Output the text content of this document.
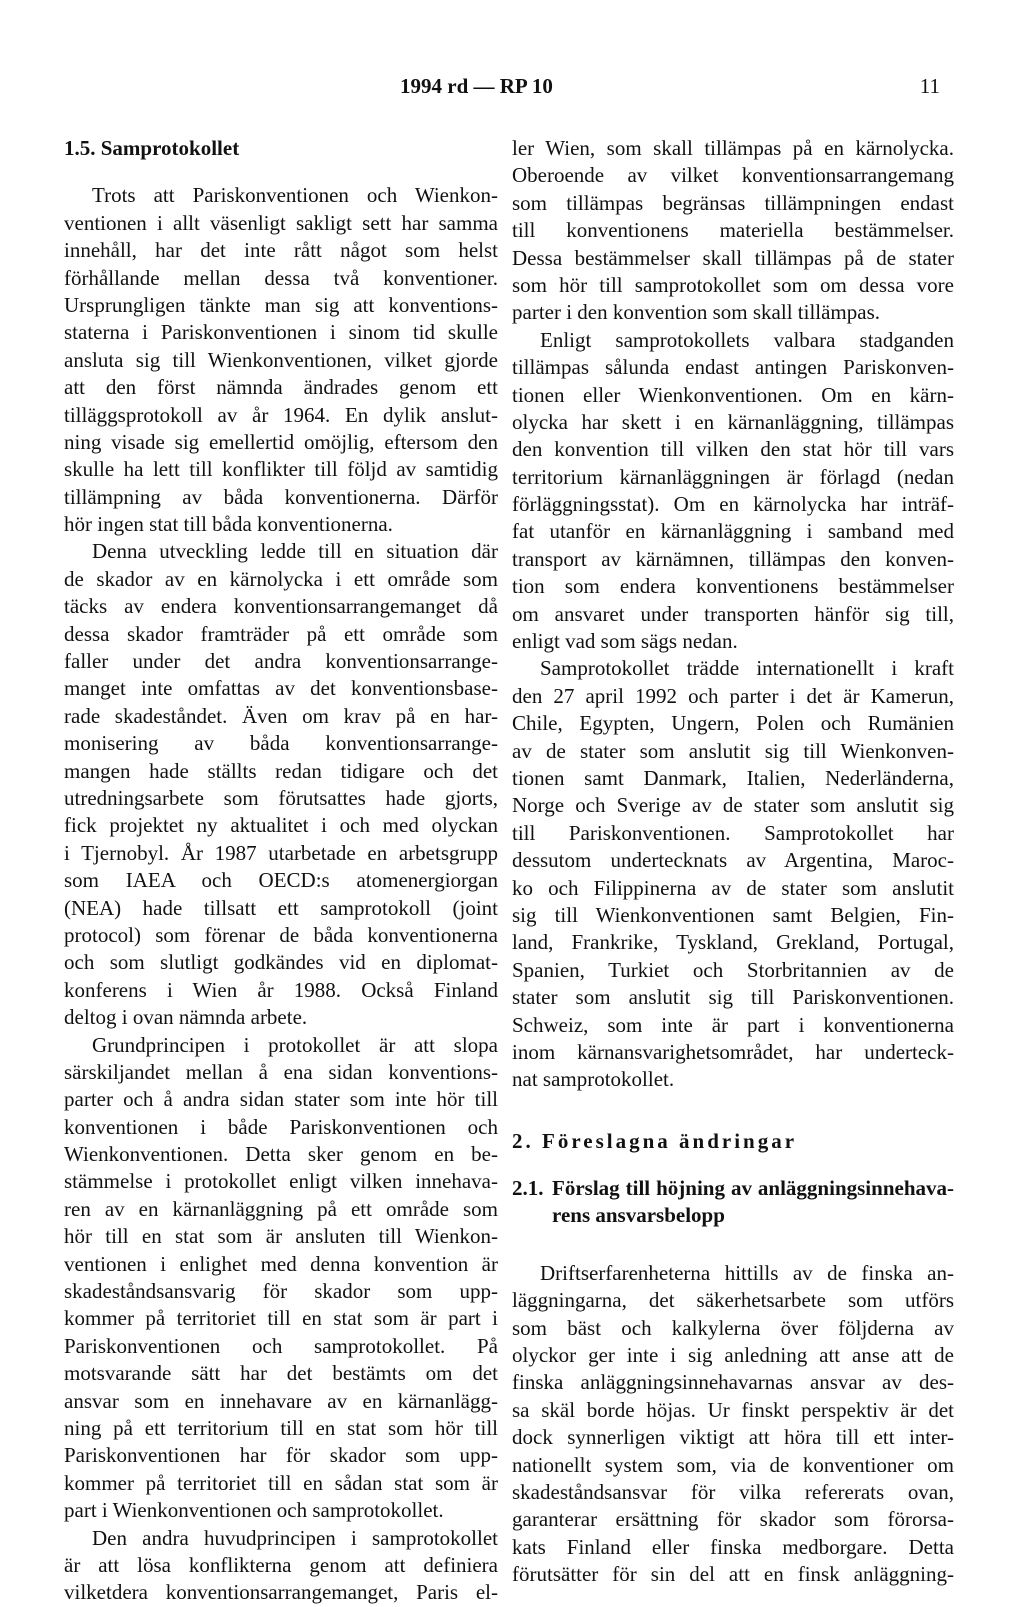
1994 rd — RP 10	11
1.5. Samprotokollet
Trots att Pariskonventionen och Wienkon-
ventionen i allt väsenligt sakligt sett har samma
innehåll, har det inte rått något som helst
förhållande mellan dessa två konventioner.
Ursprungligen tänkte man sig att konventions-
staterna i Pariskonventionen i sinom tid skulle
ansluta sig till Wienkonventionen, vilket gjorde
att den först nämnda ändrades genom ett
tilläggsprotokoll av år 1964. En dylik anslut-
ning visade sig emellertid omöjlig, eftersom den
skulle ha lett till konflikter till följd av samtidig
tillämpning av båda konventionerna. Därför
hör ingen stat till båda konventionerna.
Denna utveckling ledde till en situation där
de skador av en kärnolycka i ett område som
täcks av endera konventionsarrangemanget då
dessa skador framträder på ett område som
faller under det andra konventionsarrange-
manget inte omfattas av det konventionsbase-
rade skadeståndet. Även om krav på en har-
monisering av båda konventionsarrange-
mangen hade ställts redan tidigare och det
utredningsarbete som förutsattes hade gjorts,
fick projektet ny aktualitet i och med olyckan
i Tjernobyl. År 1987 utarbetade en arbetsgrupp
som IAEA och OECD:s atomenergiorgan
(NEA) hade tillsatt ett samprotokoll (joint
protocol) som förenar de båda konventionerna
och som slutligt godkändes vid en diplomat-
konferens i Wien år 1988. Också Finland
deltog i ovan nämnda arbete.
Grundprincipen i protokollet är att slopa
särskiljandet mellan å ena sidan konventions-
parter och å andra sidan stater som inte hör till
konventionen i både Pariskonventionen och
Wienkonventionen. Detta sker genom en be-
stämmelse i protokollet enligt vilken innehava-
ren av en kärnanläggning på ett område som
hör till en stat som är ansluten till Wienkon-
ventionen i enlighet med denna konvention är
skadeståndsansvarig för skador som upp-
kommer på territoriet till en stat som är part i
Pariskonventionen och samprotokollet. På
motsvarande sätt har det bestämts om det
ansvar som en innehavare av en kärnanlägg-
ning på ett territorium till en stat som hör till
Pariskonventionen har för skador som upp-
kommer på territoriet till en sådan stat som är
part i Wienkonventionen och samprotokollet.
Den andra huvudprincipen i samprotokollet
är att lösa konflikterna genom att definiera
vilketdera konventionsarrangemanget, Paris el-
ler Wien, som skall tillämpas på en kärnolycka.
Oberoende av vilket konventionsarrangemang
som tillämpas begränsas tillämpningen endast
till konventionens materiella bestämmelser.
Dessa bestämmelser skall tillämpas på de stater
som hör till samprotokollet som om dessa vore
parter i den konvention som skall tillämpas.
Enligt samprotokollets valbara stadganden
tillämpas sålunda endast antingen Pariskonven-
tionen eller Wienkonventionen. Om en kärn-
olycka har skett i en kärnanläggning, tillämpas
den konvention till vilken den stat hör till vars
territorium kärnanläggningen är förlagd (nedan
förläggningsstat). Om en kärnolycka har inträf-
fat utanför en kärnanläggning i samband med
transport av kärnämnen, tillämpas den konven-
tion som endera konventionens bestämmelser
om ansvaret under transporten hänför sig till,
enligt vad som sägs nedan.
Samprotokollet trädde internationellt i kraft
den 27 april 1992 och parter i det är Kamerun,
Chile, Egypten, Ungern, Polen och Rumänien
av de stater som anslutit sig till Wienkonven-
tionen samt Danmark, Italien, Nederländerna,
Norge och Sverige av de stater som anslutit sig
till Pariskonventionen. Samprotokollet har
dessutom undertecknats av Argentina, Maroc-
ko och Filippinerna av de stater som anslutit
sig till Wienkonventionen samt Belgien, Fin-
land, Frankrike, Tyskland, Grekland, Portugal,
Spanien, Turkiet och Storbritannien av de
stater som anslutit sig till Pariskonventionen.
Schweiz, som inte är part i konventionerna
inom kärnansvarighetsområdet, har underteck-
nat samprotokollet.
2. Föreslagna ändringar
2.1. Förslag till höjning av anläggningsinnehava-
rens ansvarsbelopp
Driftserfarenheterna hittills av de finska an-
läggningarna, det säkerhetsarbete som utförs
som bäst och kalkylerna över följderna av
olyckor ger inte i sig anledning att anse att de
finska anläggningsinnehavarnas ansvar av des-
sa skäl borde höjas. Ur finskt perspektiv är det
dock synnerligen viktigt att höra till ett inter-
nationellt system som, via de konventioner om
skadeståndsansvar för vilka refererats ovan,
garanterar ersättning för skador som förorsa-
kats Finland eller finska medborgare. Detta
förutsätter för sin del att en finsk anläggning-
